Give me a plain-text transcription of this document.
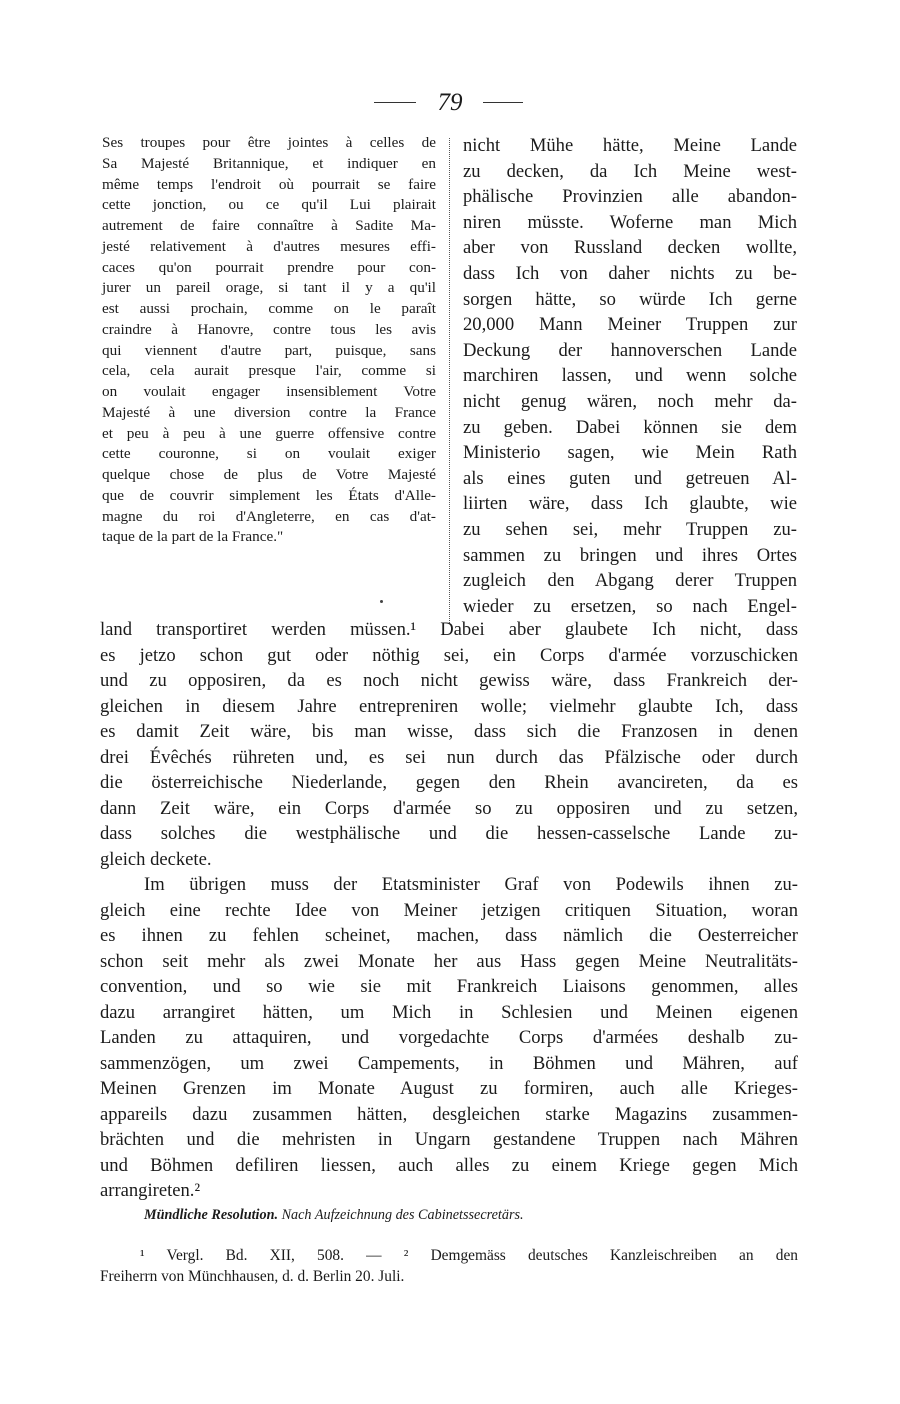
79
Ses troupes pour être jointes à celles de
Sa Majesté Britannique, et indiquer en
même temps l'endroit où pourrait se faire
cette jonction, ou ce qu'il Lui plairait
autrement de faire connaître à Sadite Ma-
jesté relativement à d'autres mesures effi-
caces qu'on pourrait prendre pour con-
jurer un pareil orage, si tant il y a qu'il
est aussi prochain, comme on le paraît
craindre à Hanovre, contre tous les avis
qui viennent d'autre part, puisque, sans
cela, cela aurait presque l'air, comme si
on voulait engager insensiblement Votre
Majesté à une diversion contre la France
et peu à peu à une guerre offensive contre
cette couronne, si on voulait exiger
quelque chose de plus de Votre Majesté
que de couvrir simplement les États d'Alle-
magne du roi d'Angleterre, en cas d'at-
taque de la part de la France."
nicht Mühe hätte, Meine Lande
zu decken, da Ich Meine west-
phälische Provinzien alle abandon-
niren müsste. Woferne man Mich
aber von Russland decken wollte,
dass Ich von daher nichts zu be-
sorgen hätte, so würde Ich gerne
20,000 Mann Meiner Truppen zur
Deckung der hannoverschen Lande
marchiren lassen, und wenn solche
nicht genug wären, noch mehr da-
zu geben. Dabei können sie dem
Ministerio sagen, wie Mein Rath
als eines guten und getreuen Al-
liirten wäre, dass Ich glaubte, wie
zu sehen sei, mehr Truppen zu-
sammen zu bringen und ihres Ortes
zugleich den Abgang derer Truppen
wieder zu ersetzen, so nach Engel-

land transportiret werden müssen.¹ Dabei aber glaubete Ich nicht, dass
es jetzo schon gut oder nöthig sei, ein Corps d'armée vorzuschicken
und zu opposiren, da es noch nicht gewiss wäre, dass Frankreich der-
gleichen in diesem Jahre entrepreniren wolle; vielmehr glaubte Ich, dass
es damit Zeit wäre, bis man wisse, dass sich die Franzosen in denen
drei Évêchés rühreten und, es sei nun durch das Pfälzische oder durch
die österreichische Niederlande, gegen den Rhein avancireten, da es
dann Zeit wäre, ein Corps d'armée so zu opposiren und zu setzen,
dass solches die westphälische und die hessen-casselsche Lande zu-
gleich deckete.

Im übrigen muss der Etatsminister Graf von Podewils ihnen zu-
gleich eine rechte Idee von Meiner jetzigen critiquen Situation, woran
es ihnen zu fehlen scheinet, machen, dass nämlich die Oesterreicher
schon seit mehr als zwei Monate her aus Hass gegen Meine Neutralitäts-
convention, und so wie sie mit Frankreich Liaisons genommen, alles
dazu arrangiret hätten, um Mich in Schlesien und Meinen eigenen
Landen zu attaquiren, und vorgedachte Corps d'armées deshalb zu-
sammenzögen, um zwei Campements, in Böhmen und Mähren, auf
Meinen Grenzen im Monate August zu formiren, auch alle Krieges-
appareils dazu zusammen hätten, desgleichen starke Magazins zusammen-
brächten und die mehristen in Ungarn gestandene Truppen nach Mähren
und Böhmen defiliren liessen, auch alles zu einem Kriege gegen Mich
arrangireten.²

Mündliche Resolution. Nach Aufzeichnung des Cabinetssecretärs.
¹ Vergl. Bd. XII, 508. — ² Demgemäss deutsches Kanzleischreiben an den
Freiherrn von Münchhausen, d. d. Berlin 20. Juli.
